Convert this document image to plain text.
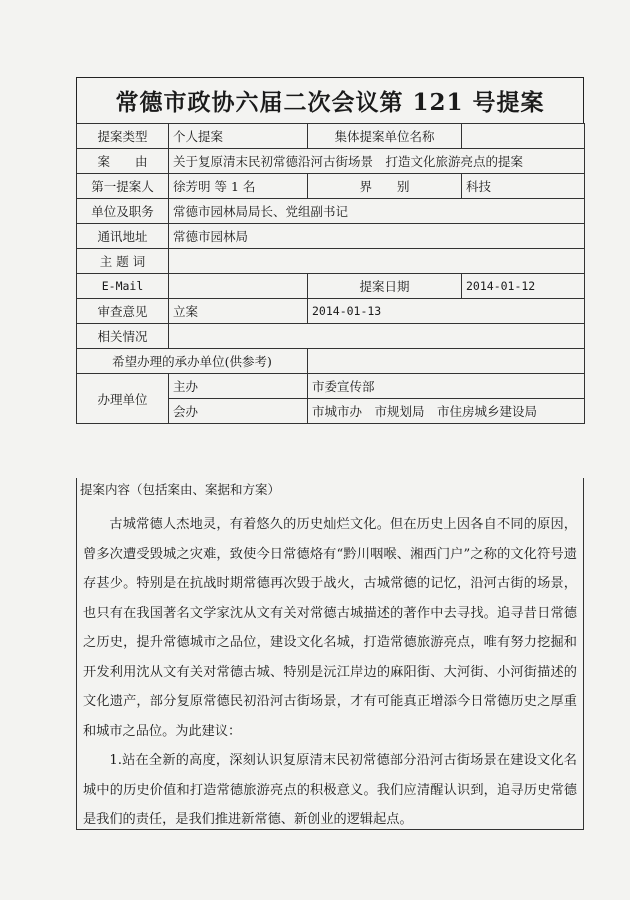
常德市政协六届二次会议第 121 号提案
提案类型	个人提案	集体提案单位名称	
案　　由	关于复原清末民初常德沿河古街场景　打造文化旅游亮点的提案		
第一提案人	徐芳明 等 1 名	界　　别	科技
单位及职务	常德市园林局局长、党组副书记		
通讯地址	常德市园林局		
主 题 词			
E-Mail		提案日期	2014-01-12
审查意见	立案	2014-01-13	
相关情况			
希望办理的承办单位(供参考)			
办理单位	主办	市委宣传部	
	会办	市城市办　市规划局　市住房城乡建设局	
提案内容（包括案由、案据和方案）

古城常德人杰地灵，有着悠久的历史灿烂文化。但在历史上因各自不同的原因，曾多次遭受毁城之灾难，致使今日常德烙有“黔川咽喉、湘西门户”之称的文化符号遗存甚少。特别是在抗战时期常德再次毁于战火，古城常德的记忆，沿河古街的场景，也只有在我国著名文学家沈从文有关对常德古城描述的著作中去寻找。追寻昔日常德之历史，提升常德城市之品位，建设文化名城，打造常德旅游亮点，唯有努力挖掘和开发利用沈从文有关对常德古城、特别是沅江岸边的麻阳街、大河街、小河街描述的文化遗产，部分复原常德民初沿河古街场景，才有可能真正增添今日常德历史之厚重和城市之品位。为此建议：

1.站在全新的高度，深刻认识复原清末民初常德部分沿河古街场景在建设文化名城中的历史价值和打造常德旅游亮点的积极意义。我们应清醒认识到，追寻历史常德是我们的责任，是我们推进新常德、新创业的逻辑起点。
